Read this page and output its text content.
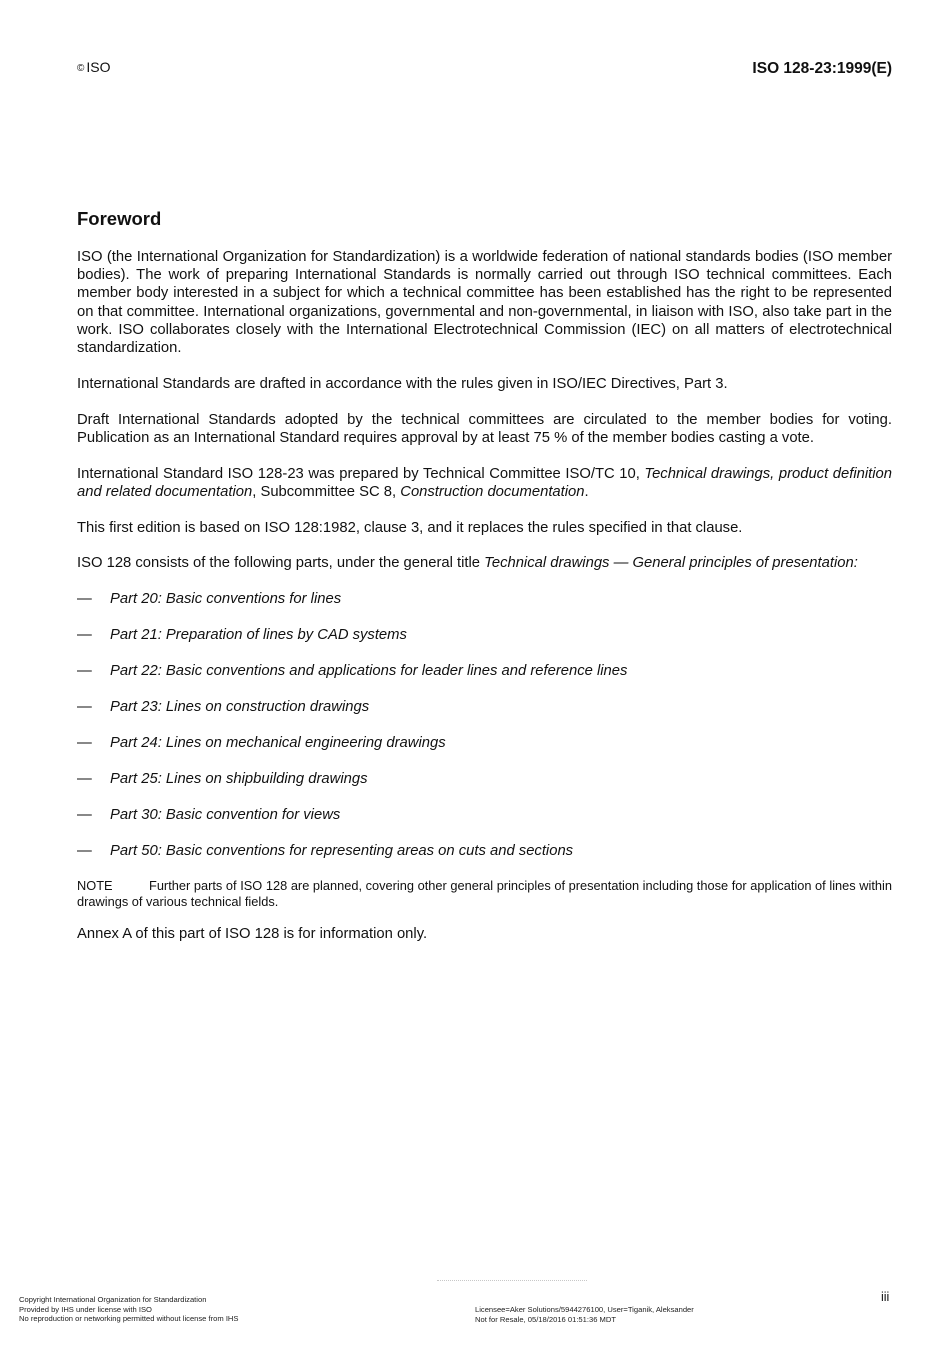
© ISO	ISO 128-23:1999(E)
Foreword

ISO (the International Organization for Standardization) is a worldwide federation of national standards bodies (ISO member bodies). The work of preparing International Standards is normally carried out through ISO technical committees. Each member body interested in a subject for which a technical committee has been established has the right to be represented on that committee. International organizations, governmental and non-governmental, in liaison with ISO, also take part in the work. ISO collaborates closely with the International Electrotechnical Commission (IEC) on all matters of electrotechnical standardization.

International Standards are drafted in accordance with the rules given in ISO/IEC Directives, Part 3.

Draft International Standards adopted by the technical committees are circulated to the member bodies for voting. Publication as an International Standard requires approval by at least 75 % of the member bodies casting a vote.

International Standard ISO 128-23 was prepared by Technical Committee ISO/TC 10, Technical drawings, product definition and related documentation, Subcommittee SC 8, Construction documentation.

This first edition is based on ISO 128:1982, clause 3, and it replaces the rules specified in that clause.

ISO 128 consists of the following parts, under the general title Technical drawings — General principles of presentation:

—	Part 20: Basic conventions for lines
—	Part 21: Preparation of lines by CAD systems
—	Part 22: Basic conventions and applications for leader lines and reference lines
—	Part 23: Lines on construction drawings
—	Part 24: Lines on mechanical engineering drawings
—	Part 25: Lines on shipbuilding drawings
—	Part 30: Basic convention for views
—	Part 50: Basic conventions for representing areas on cuts and sections

NOTE	Further parts of ISO 128 are planned, covering other general principles of presentation including those for application of lines within drawings of various technical fields.

Annex A of this part of ISO 128 is for information only.

iii
Copyright International Organization for Standardization
Provided by IHS under license with ISO
No reproduction or networking permitted without license from IHS
Licensee=Aker Solutions/5944276100, User=Tiganik, Aleksander
Not for Resale, 05/18/2016 01:51:36 MDT
